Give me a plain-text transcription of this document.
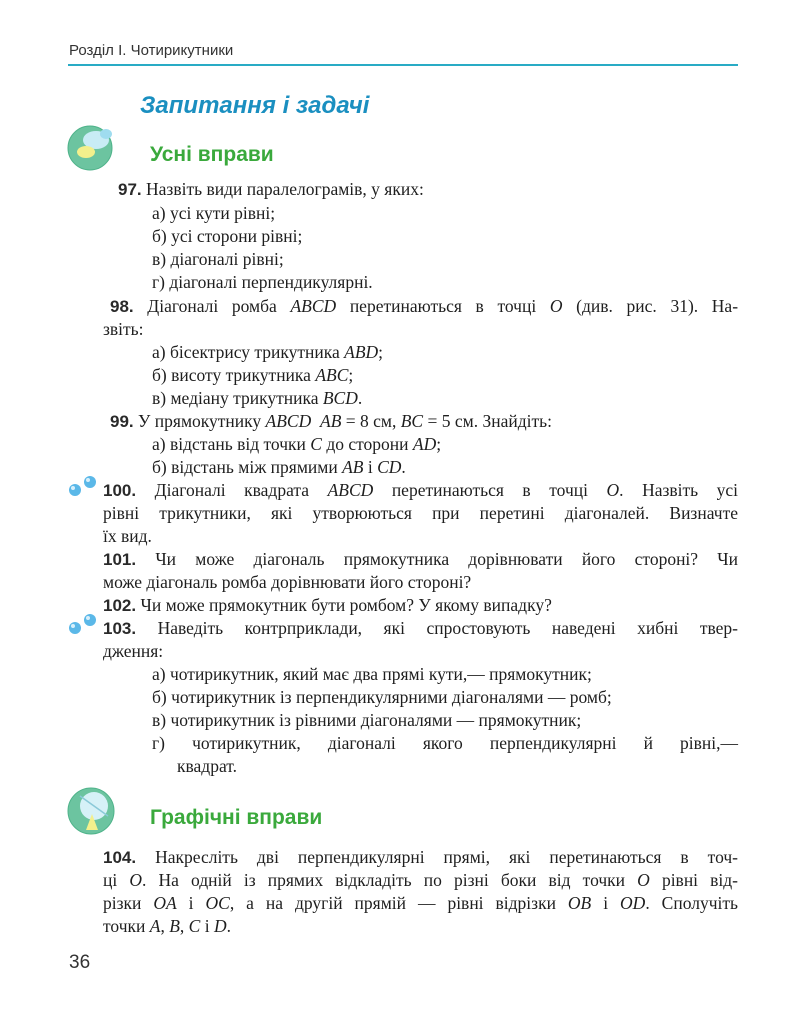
Розділ I. Чотирикутники
Запитання і задачі
Усні вправи
97. Назвіть види паралелограмів, у яких:
а) усі кути рівні;
б) усі сторони рівні;
в) діагоналі рівні;
г) діагоналі перпендикулярні.
98. Діагоналі ромба ABCD перетинаються в точці O (див. рис. 31). На-
звіть:
а) бісектрису трикутника ABD;
б) висоту трикутника ABC;
в) медіану трикутника BCD.
99. У прямокутнику ABCD AB = 8 см, BC = 5 см. Знайдіть:
а) відстань від точки C до сторони AD;
б) відстань між прямими AB і CD.
100. Діагоналі квадрата ABCD перетинаються в точці O. Назвіть усі
рівні трикутники, які утворюються при перетині діагоналей. Визначте
їх вид.
101. Чи може діагональ прямокутника дорівнювати його стороні? Чи
може діагональ ромба дорівнювати його стороні?
102. Чи може прямокутник бути ромбом? У якому випадку?
103. Наведіть контрприклади, які спростовують наведені хибні твер-
дження:
а) чотирикутник, який має два прямі кути,— прямокутник;
б) чотирикутник із перпендикулярними діагоналями — ромб;
в) чотирикутник із рівними діагоналями — прямокутник;
г) чотирикутник, діагоналі якого перпендикулярні й рівні,—
квадрат.
Графічні вправи
104. Накресліть дві перпендикулярні прямі, які перетинаються в точ-
ці O. На одній із прямих відкладіть по різні боки від точки O рівні від-
різки OA і OC, а на другій прямій — рівні відрізки OB і OD. Сполучіть
точки A, B, C і D.
36
